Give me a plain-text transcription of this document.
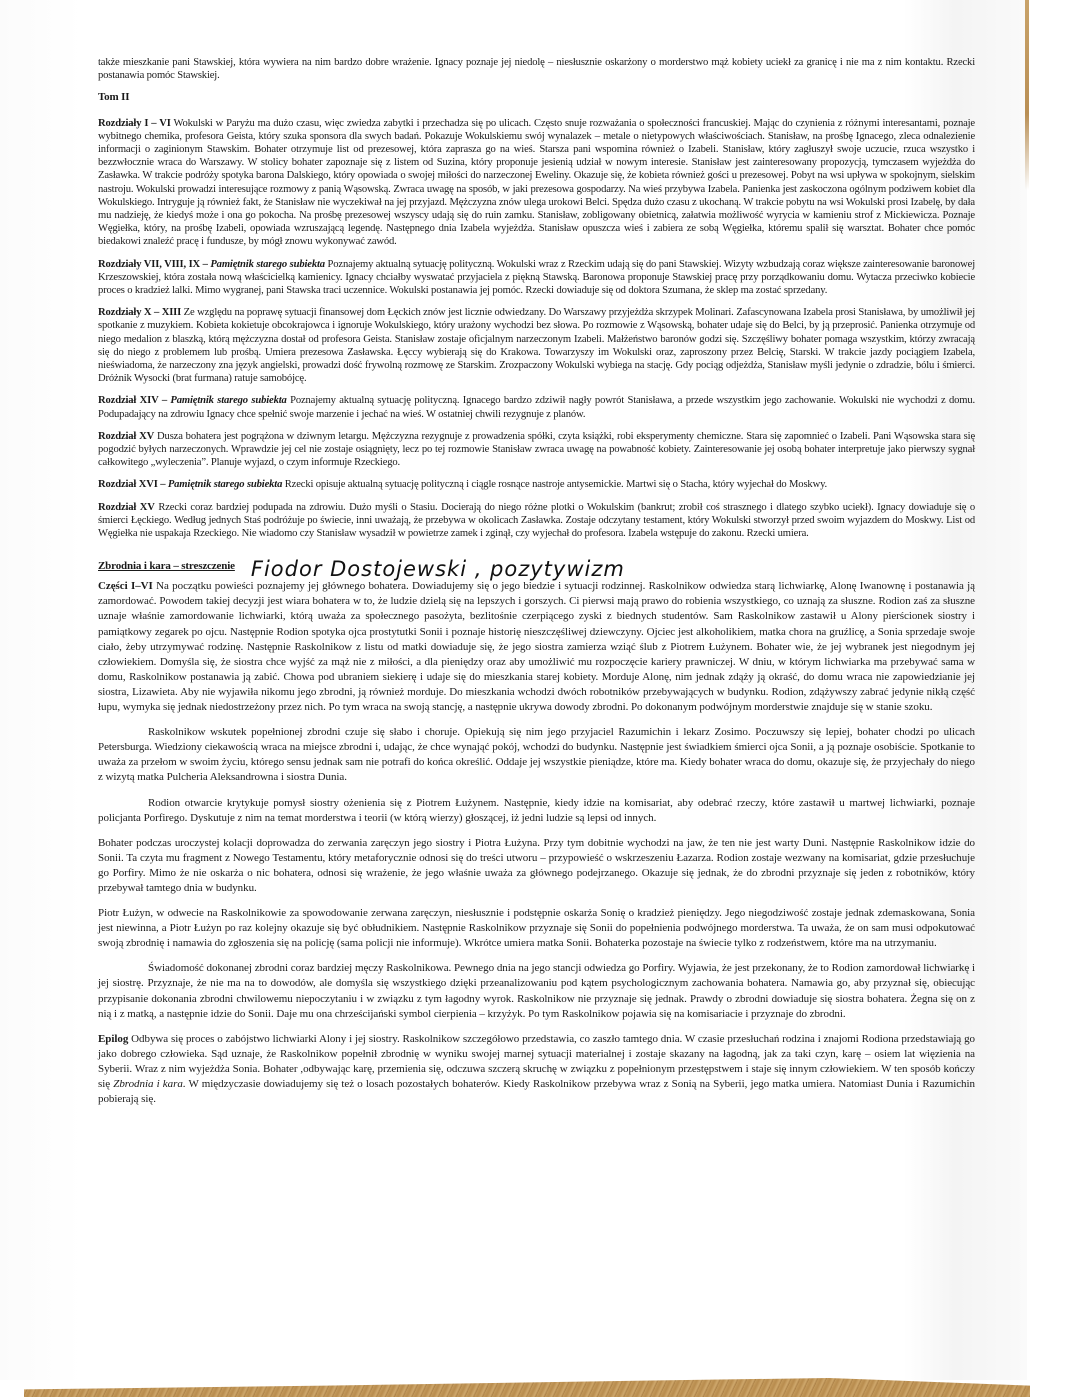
także mieszkanie pani Stawskiej, która wywiera na nim bardzo dobre wrażenie. Ignacy poznaje jej niedolę – niesłusznie oskarżony o morderstwo mąż kobiety uciekł za granicę i nie ma z nim kontaktu. Rzecki postanawia pomóc Stawskiej.

Tom II

Rozdziały I – VI Wokulski w Paryżu ma dużo czasu, więc zwiedza zabytki i przechadza się po ulicach. Często snuje rozważania o społeczności francuskiej. Mając do czynienia z różnymi interesantami, poznaje wybitnego chemika, profesora Geista, który szuka sponsora dla swych badań. Pokazuje Wokulskiemu swój wynalazek – metale o nietypowych właściwościach. Stanisław, na prośbę Ignacego, zleca odnalezienie informacji o zaginionym Stawskim. Bohater otrzymuje list od prezesowej, która zaprasza go na wieś. Starsza pani wspomina również o Izabeli. Stanisław, który zagłuszył swoje uczucie, rzuca wszystko i bezzwłocznie wraca do Warszawy. W stolicy bohater zapoznaje się z listem od Suzina, który proponuje jesienią udział w nowym interesie. Stanisław jest zainteresowany propozycją, tymczasem wyjeżdża do Zasławka. W trakcie podróży spotyka barona Dalskiego, który opowiada o swojej miłości do narzeczonej Eweliny. Okazuje się, że kobieta również gości u prezesowej. Pobyt na wsi upływa w spokojnym, sielskim nastroju. Wokulski prowadzi interesujące rozmowy z panią Wąsowską. Zwraca uwagę na sposób, w jaki prezesowa gospodarzy. Na wieś przybywa Izabela. Panienka jest zaskoczona ogólnym podziwem kobiet dla Wokulskiego. Intryguje ją również fakt, że Stanisław nie wyczekiwał na jej przyjazd. Mężczyzna znów ulega urokowi Belci. Spędza dużo czasu z ukochaną. W trakcie pobytu na wsi Wokulski prosi Izabelę, by dała mu nadzieję, że kiedyś może i ona go pokocha. Na prośbę prezesowej wszyscy udają się do ruin zamku. Stanisław, zobligowany obietnicą, załatwia możliwość wyrycia w kamieniu strof z Mickiewicza. Poznaje Węgiełka, który, na prośbę Izabeli, opowiada wzruszającą legendę. Następnego dnia Izabela wyjeżdża. Stanisław opuszcza wieś i zabiera ze sobą Węgiełka, któremu spalił się warsztat. Bohater chce pomóc biedakowi znaleźć pracę i fundusze, by mógł znowu wykonywać zawód.

Rozdziały VII, VIII, IX – Pamiętnik starego subiekta Poznajemy aktualną sytuację polityczną. Wokulski wraz z Rzeckim udają się do pani Stawskiej. Wizyty wzbudzają coraz większe zainteresowanie baronowej Krzeszowskiej, która została nową właścicielką kamienicy. Ignacy chciałby wyswatać przyjaciela z piękną Stawską. Baronowa proponuje Stawskiej pracę przy porządkowaniu domu. Wytacza przeciwko kobiecie proces o kradzież lalki. Mimo wygranej, pani Stawska traci uczennice. Wokulski postanawia jej pomóc. Rzecki dowiaduje się od doktora Szumana, że sklep ma zostać sprzedany.

Rozdziały X – XIII Ze względu na poprawę sytuacji finansowej dom Łęckich znów jest licznie odwiedzany. Do Warszawy przyjeżdża skrzypek Molinari. Zafascynowana Izabela prosi Stanisława, by umożliwił jej spotkanie z muzykiem. Kobieta kokietuje obcokrajowca i ignoruje Wokulskiego, który urażony wychodzi bez słowa. Po rozmowie z Wąsowską, bohater udaje się do Belci, by ją przeprosić. Panienka otrzymuje od niego medalion z blaszką, którą mężczyzna dostał od profesora Geista. Stanisław zostaje oficjalnym narzeczonym Izabeli. Małżeństwo baronów godzi się. Szczęśliwy bohater pomaga wszystkim, którzy zwracają się do niego z problemem lub prośbą. Umiera prezesowa Zasławska. Łęccy wybierają się do Krakowa. Towarzyszy im Wokulski oraz, zaproszony przez Belcię, Starski. W trakcie jazdy pociągiem Izabela, nieświadoma, że narzeczony zna język angielski, prowadzi dość frywolną rozmowę ze Starskim. Zrozpaczony Wokulski wybiega na stację. Gdy pociąg odjeżdża, Stanisław myśli jedynie o zdradzie, bólu i śmierci. Dróżnik Wysocki (brat furmana) ratuje samobójcę.

Rozdział XIV – Pamiętnik starego subiekta Poznajemy aktualną sytuację polityczną. Ignacego bardzo zdziwił nagły powrót Stanisława, a przede wszystkim jego zachowanie. Wokulski nie wychodzi z domu. Podupadający na zdrowiu Ignacy chce spełnić swoje marzenie i jechać na wieś. W ostatniej chwili rezygnuje z planów.

Rozdział XV Dusza bohatera jest pogrążona w dziwnym letargu. Mężczyzna rezygnuje z prowadzenia spółki, czyta książki, robi eksperymenty chemiczne. Stara się zapomnieć o Izabeli. Pani Wąsowska stara się pogodzić byłych narzeczonych. Wprawdzie jej cel nie zostaje osiągnięty, lecz po tej rozmowie Stanisław zwraca uwagę na powabność kobiety. Zainteresowanie jej osobą bohater interpretuje jako pierwszy sygnał całkowitego „wyleczenia”. Planuje wyjazd, o czym informuje Rzeckiego.

Rozdział XVI – Pamiętnik starego subiekta Rzecki opisuje aktualną sytuację polityczną i ciągle rosnące nastroje antysemickie. Martwi się o Stacha, który wyjechał do Moskwy.

Rozdział XV Rzecki coraz bardziej podupada na zdrowiu. Dużo myśli o Stasiu. Docierają do niego różne plotki o Wokulskim (bankrut; zrobił coś strasznego i dlatego szybko uciekł). Ignacy dowiaduje się o śmierci Łęckiego. Według jednych Staś podróżuje po świecie, inni uważają, że przebywa w okolicach Zasławka. Zostaje odczytany testament, który Wokulski stworzył przed swoim wyjazdem do Moskwy. List od Węgiełka nie uspakaja Rzeckiego. Nie wiadomo czy Stanisław wysadził w powietrze zamek i zginął, czy wyjechał do profesora. Izabela wstępuje do zakonu. Rzecki umiera.

Zbrodnia i kara – streszczenie Fiodor Dostojewski , pozytywizm

Części I–VI Na początku powieści poznajemy jej głównego bohatera. Dowiadujemy się o jego biedzie i sytuacji rodzinnej. Raskolnikow odwiedza starą lichwiarkę, Alonę Iwanownę i postanawia ją zamordować. Powodem takiej decyzji jest wiara bohatera w to, że ludzie dzielą się na lepszych i gorszych. Ci pierwsi mają prawo do robienia wszystkiego, co uznają za słuszne. Rodion zaś za słuszne uznaje właśnie zamordowanie lichwiarki, którą uważa za społecznego pasożyta, bezlitośnie czerpiącego zyski z biednych studentów. Sam Raskolnikow zastawił u Alony pierścionek siostry i pamiątkowy zegarek po ojcu. Następnie Rodion spotyka ojca prostytutki Sonii i poznaje historię nieszczęśliwej dziewczyny. Ojciec jest alkoholikiem, matka chora na gruźlicę, a Sonia sprzedaje swoje ciało, żeby utrzymywać rodzinę. Następnie Raskolnikow z listu od matki dowiaduje się, że jego siostra zamierza wziąć ślub z Piotrem Łużynem. Bohater wie, że jej wybranek jest niegodnym jej człowiekiem. Domyśla się, że siostra chce wyjść za mąż nie z miłości, a dla pieniędzy oraz aby umożliwić mu rozpoczęcie kariery prawniczej. W dniu, w którym lichwiarka ma przebywać sama w domu, Raskolnikow postanawia ją zabić. Chowa pod ubraniem siekierę i udaje się do mieszkania starej kobiety. Morduje Alonę, nim jednak zdąży ją okraść, do domu wraca nie zapowiedzianie jej siostra, Lizawieta. Aby nie wyjawiła nikomu jego zbrodni, ją również morduje. Do mieszkania wchodzi dwóch robotników przebywających w budynku. Rodion, zdążywszy zabrać jedynie nikłą część łupu, wymyka się jednak niedostrzeżony przez nich. Po tym wraca na swoją stancję, a następnie ukrywa dowody zbrodni. Po dokonanym podwójnym morderstwie znajduje się w stanie szoku.

Raskolnikow wskutek popełnionej zbrodni czuje się słabo i choruje. Opiekują się nim jego przyjaciel Razumichin i lekarz Zosimo. Poczuwszy się lepiej, bohater chodzi po ulicach Petersburga. Wiedziony ciekawością wraca na miejsce zbrodni i, udając, że chce wynająć pokój, wchodzi do budynku. Następnie jest świadkiem śmierci ojca Sonii, a ją poznaje osobiście. Spotkanie to uważa za przełom w swoim życiu, którego sensu jednak sam nie potrafi do końca określić. Oddaje jej wszystkie pieniądze, które ma. Kiedy bohater wraca do domu, okazuje się, że przyjechały do niego z wizytą matka Pulcheria Aleksandrowna i siostra Dunia.

Rodion otwarcie krytykuje pomysł siostry ożenienia się z Piotrem Łużynem. Następnie, kiedy idzie na komisariat, aby odebrać rzeczy, które zastawił u martwej lichwiarki, poznaje policjanta Porfirego. Dyskutuje z nim na temat morderstwa i teorii (w którą wierzy) głoszącej, iż jedni ludzie są lepsi od innych.

Bohater podczas uroczystej kolacji doprowadza do zerwania zaręczyn jego siostry i Piotra Łużyna. Przy tym dobitnie wychodzi na jaw, że ten nie jest warty Duni. Następnie Raskolnikow idzie do Sonii. Ta czyta mu fragment z Nowego Testamentu, który metaforycznie odnosi się do treści utworu – przypowieść o wskrzeszeniu Łazarza. Rodion zostaje wezwany na komisariat, gdzie przesłuchuje go Porfiry. Mimo że nie oskarża o nic bohatera, odnosi się wrażenie, że jego właśnie uważa za głównego podejrzanego. Okazuje się jednak, że do zbrodni przyznaje się jeden z robotników, który przebywał tamtego dnia w budynku.

Piotr Łużyn, w odwecie na Raskolnikowie za spowodowanie zerwana zaręczyn, niesłusznie i podstępnie oskarża Sonię o kradzież pieniędzy. Jego niegodziwość zostaje jednak zdemaskowana, Sonia jest niewinna, a Piotr Łużyn po raz kolejny okazuje się być obłudnikiem. Następnie Raskolnikow przyznaje się Sonii do popełnienia podwójnego morderstwa. Ta uważa, że on sam musi odpokutować swoją zbrodnię i namawia do zgłoszenia się na policję (sama policji nie informuje). Wkrótce umiera matka Sonii. Bohaterka pozostaje na świecie tylko z rodzeństwem, które ma na utrzymaniu.

Świadomość dokonanej zbrodni coraz bardziej męczy Raskolnikowa. Pewnego dnia na jego stancji odwiedza go Porfiry. Wyjawia, że jest przekonany, że to Rodion zamordował lichwiarkę i jej siostrę. Przyznaje, że nie ma na to dowodów, ale domyśla się wszystkiego dzięki przeanalizowaniu pod kątem psychologicznym zachowania bohatera. Namawia go, aby przyznał się, obiecując przypisanie dokonania zbrodni chwilowemu niepoczytaniu i w związku z tym łagodny wyrok. Raskolnikow nie przyznaje się jednak. Prawdy o zbrodni dowiaduje się siostra bohatera. Żegna się on z nią i z matką, a następnie idzie do Sonii. Daje mu ona chrześcijański symbol cierpienia – krzyżyk. Po tym Raskolnikow pojawia się na komisariacie i przyznaje do zbrodni.

Epilog Odbywa się proces o zabójstwo lichwiarki Alony i jej siostry. Raskolnikow szczegółowo przedstawia, co zaszło tamtego dnia. W czasie przesłuchań rodzina i znajomi Rodiona przedstawiają go jako dobrego człowieka. Sąd uznaje, że Raskolnikow popełnił zbrodnię w wyniku swojej marnej sytuacji materialnej i zostaje skazany na łagodną, jak za taki czyn, karę – osiem lat więzienia na Syberii. Wraz z nim wyjeżdża Sonia. Bohater ,odbywając karę, przemienia się, odczuwa szczerą skruchę w związku z popełnionym przestępstwem i staje się innym człowiekiem. W ten sposób kończy się Zbrodnia i kara. W międzyczasie dowiadujemy się też o losach pozostałych bohaterów. Kiedy Raskolnikow przebywa wraz z Sonią na Syberii, jego matka umiera. Natomiast Dunia i Razumichin pobierają się.
